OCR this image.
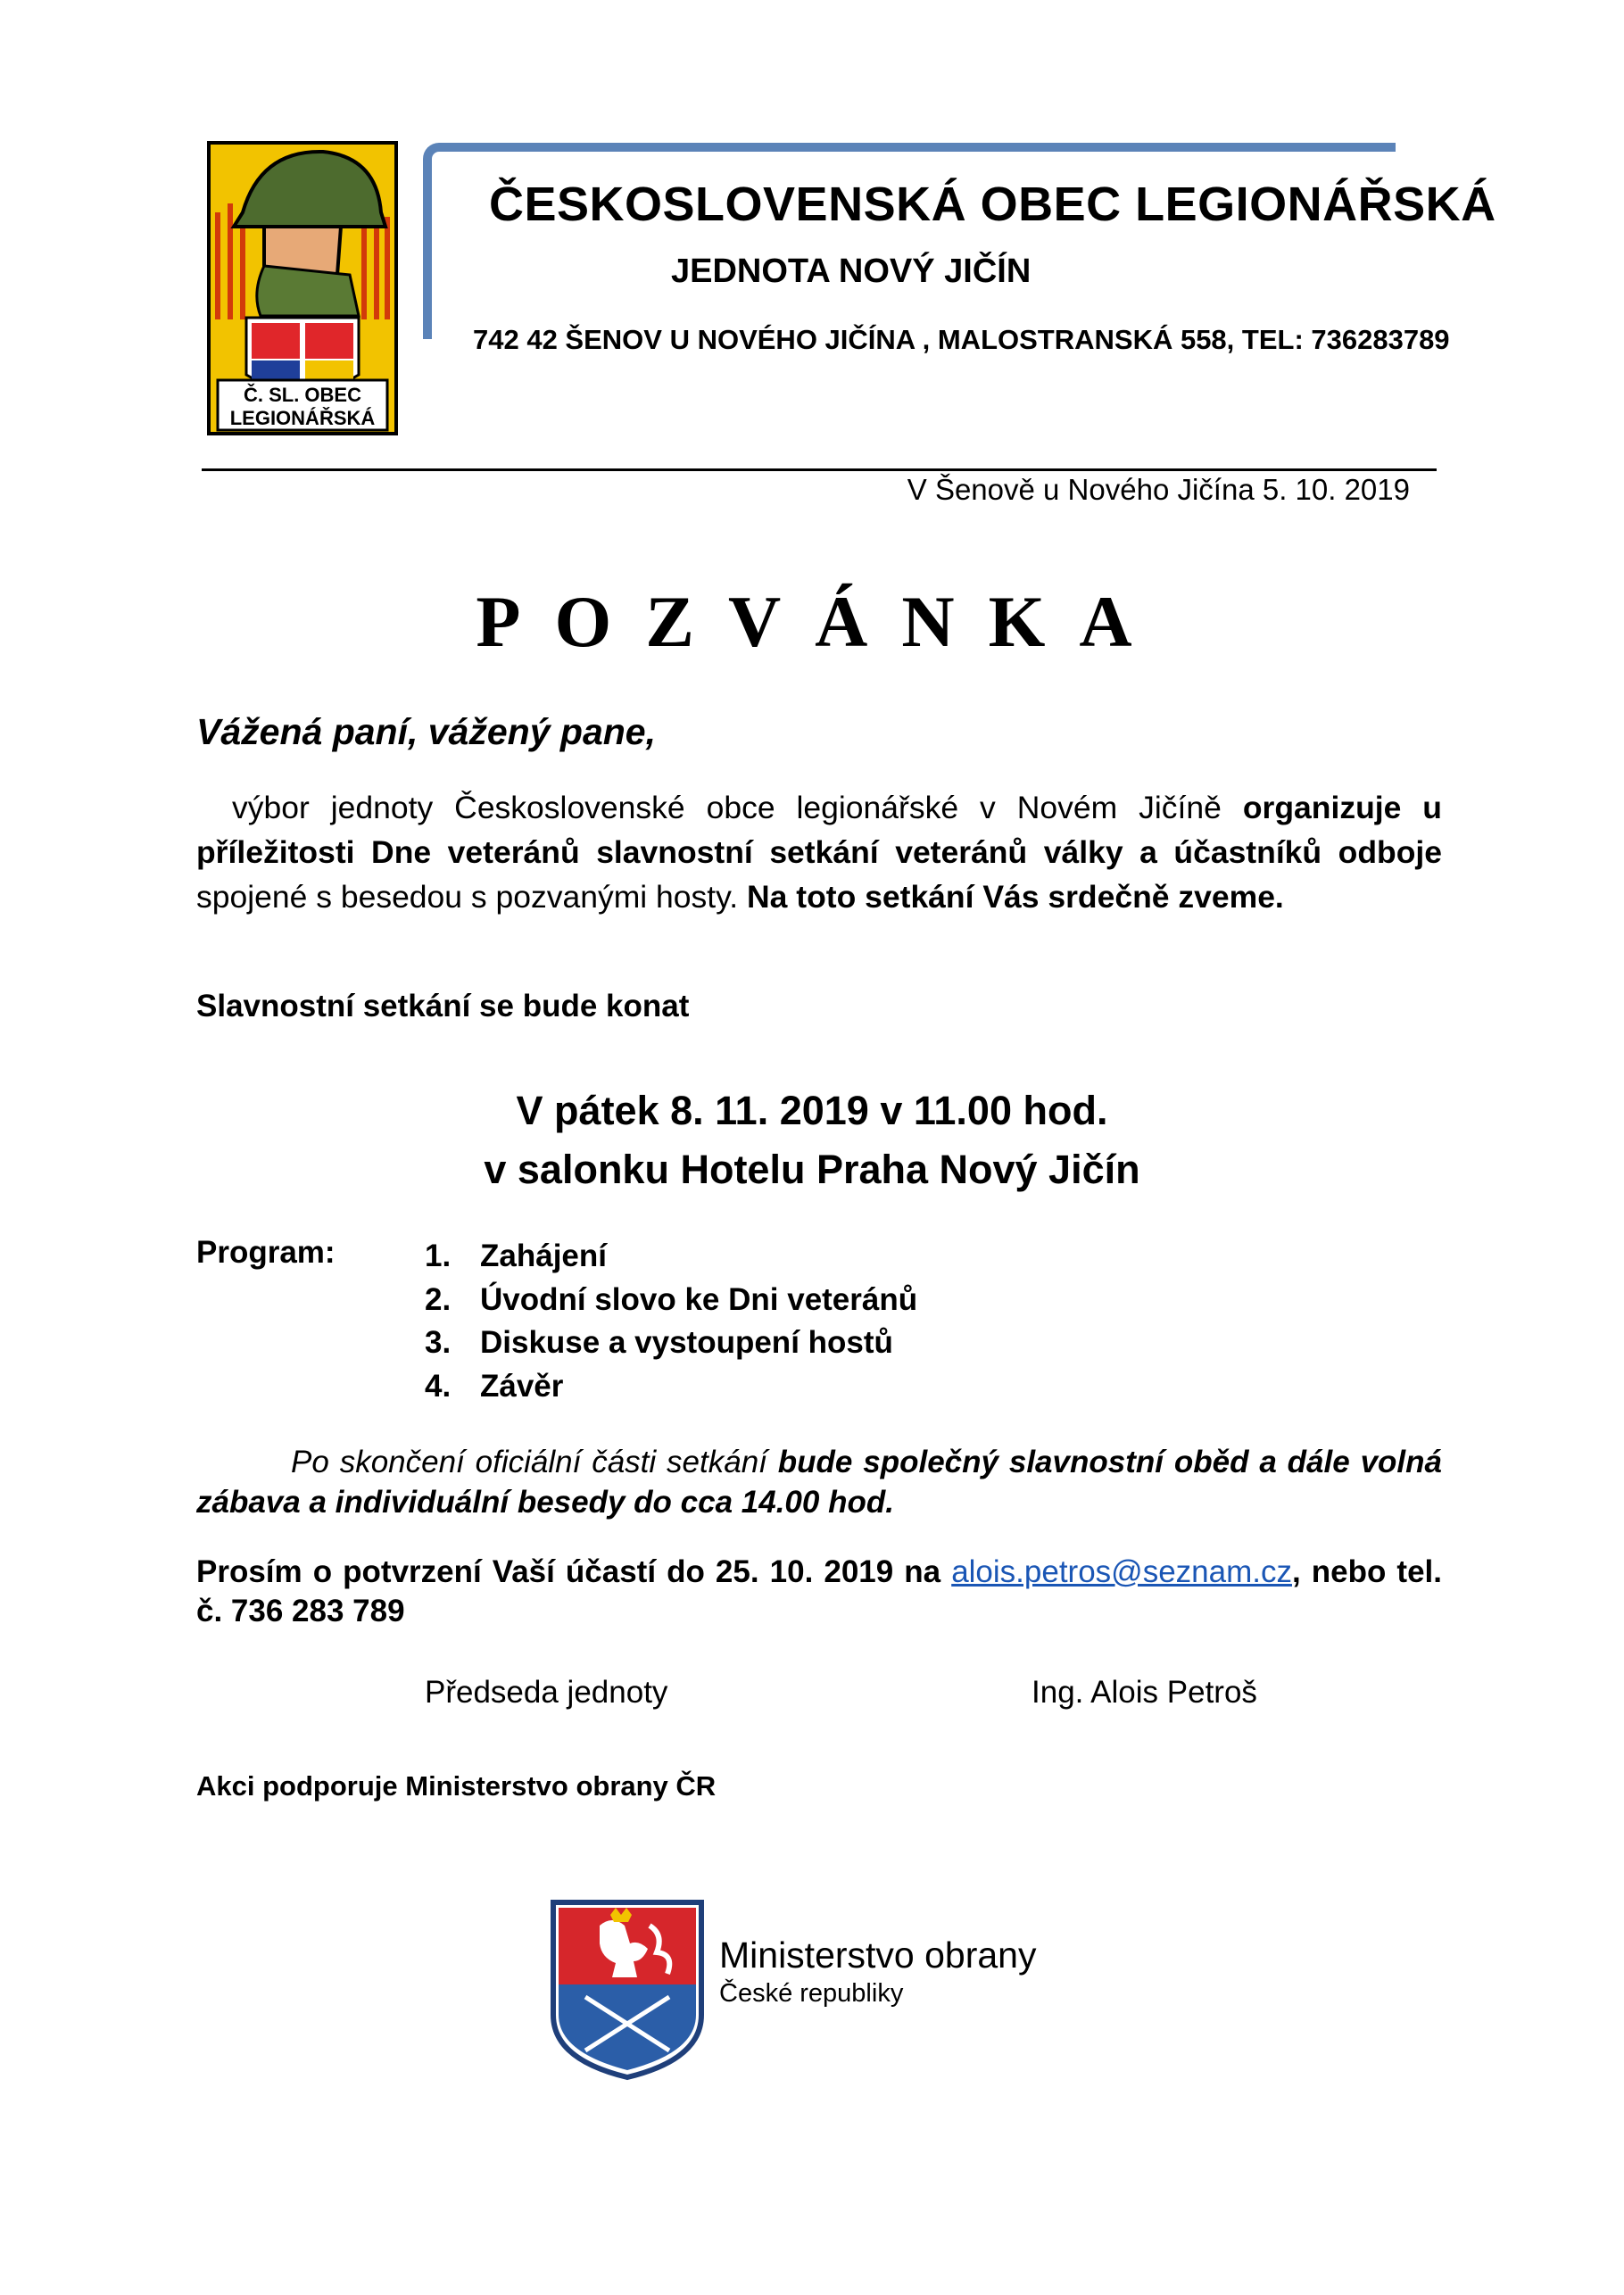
Č. SL. OBEC
LEGIONÁŘSKÁ
ČESKOSLOVENSKÁ OBEC LEGIONÁŘSKÁ
JEDNOTA NOVÝ JIČÍN
742 42 ŠENOV U NOVÉHO JIČÍNA , MALOSTRANSKÁ 558, TEL: 736283789
V Šenově u Nového Jičína 5. 10. 2019
POZVÁNKA
Vážená paní, vážený pane,
výbor jednoty Československé obce legionářské v Novém Jičíně organizuje u příležitosti Dne veteránů slavnostní setkání veteránů války a účastníků odboje spojené s besedou s pozvanými hosty. Na toto setkání Vás srdečně zveme.
Slavnostní setkání se bude konat
V pátek 8. 11. 2019 v 11.00 hod.
v salonku Hotelu Praha Nový Jičín
Program:	1. Zahájení
2. Úvodní slovo ke Dni veteránů
3. Diskuse a vystoupení hostů
4. Závěr
Po skončení oficiální části setkání bude společný slavnostní oběd a dále volná zábava a individuální besedy do cca 14.00 hod.
Prosím o potvrzení Vaší účastí do 25. 10. 2019 na alois.petros@seznam.cz, nebo tel. č. 736 283 789
Předseda jednoty	Ing. Alois Petroš
Akci podporuje Ministerstvo obrany ČR
Ministerstvo obrany
České republiky
